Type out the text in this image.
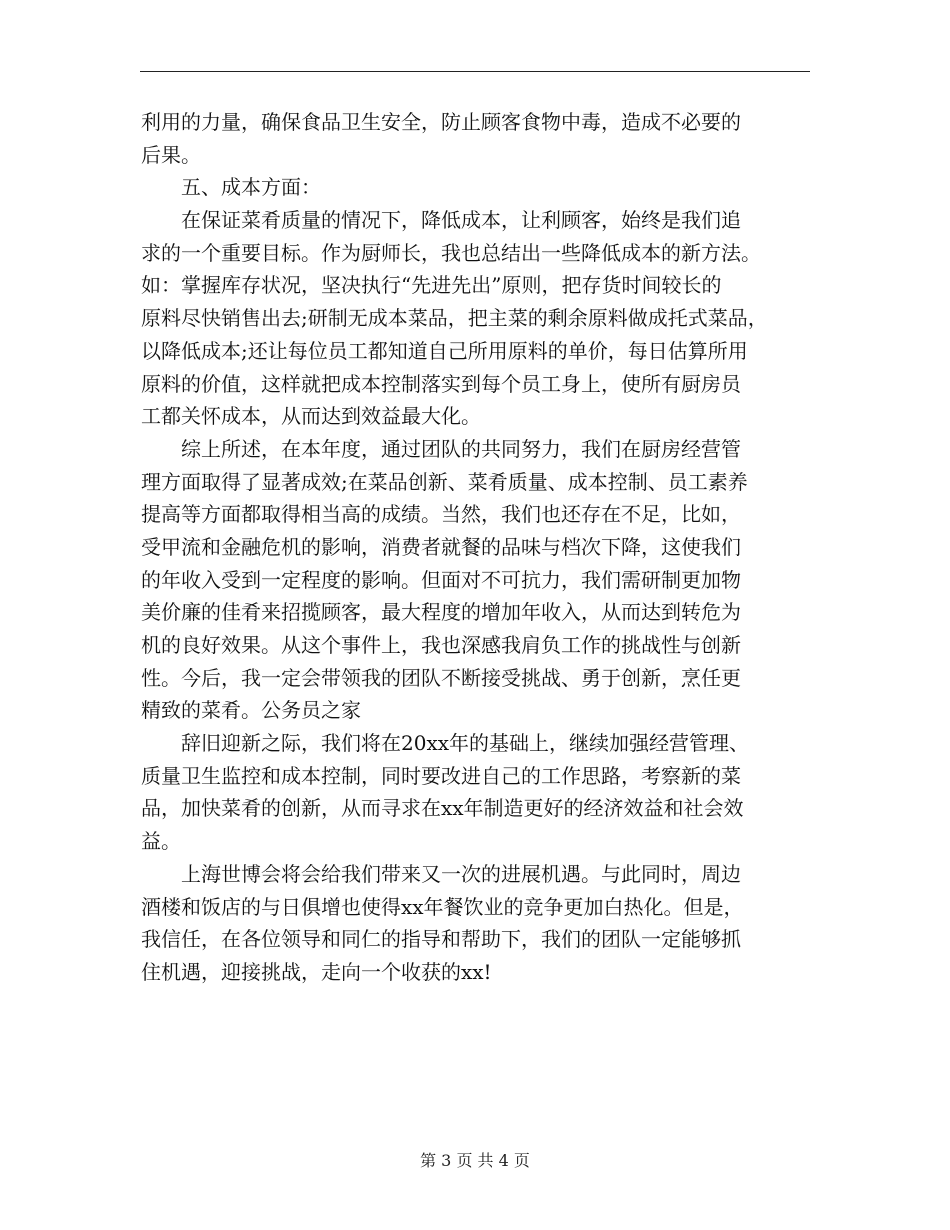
利用的力量，确保食品卫生安全，防止顾客食物中毒，造成不必要的
后果。
五、成本方面：
在保证菜肴质量的情况下，降低成本，让利顾客，始终是我们追
求的一个重要目标。作为厨师长，我也总结出一些降低成本的新方法。
如：掌握库存状况，坚决执行“先进先出”原则，把存货时间较长的
原料尽快销售出去;研制无成本菜品，把主菜的剩余原料做成托式菜品，
以降低成本;还让每位员工都知道自己所用原料的单价，每日估算所用
原料的价值，这样就把成本控制落实到每个员工身上，使所有厨房员
工都关怀成本，从而达到效益最大化。
综上所述，在本年度，通过团队的共同努力，我们在厨房经营管
理方面取得了显著成效;在菜品创新、菜肴质量、成本控制、员工素养
提高等方面都取得相当高的成绩。当然，我们也还存在不足，比如，
受甲流和金融危机的影响，消费者就餐的品味与档次下降，这使我们
的年收入受到一定程度的影响。但面对不可抗力，我们需研制更加物
美价廉的佳肴来招揽顾客，最大程度的增加年收入，从而达到转危为
机的良好效果。从这个事件上，我也深感我肩负工作的挑战性与创新
性。今后，我一定会带领我的团队不断接受挑战、勇于创新，烹任更
精致的菜肴。公务员之家
辞旧迎新之际，我们将在20xx年的基础上，继续加强经营管理、
质量卫生监控和成本控制，同时要改进自己的工作思路，考察新的菜
品，加快菜肴的创新，从而寻求在xx年制造更好的经济效益和社会效
益。
上海世博会将会给我们带来又一次的进展机遇。与此同时，周边
酒楼和饭店的与日俱增也使得xx年餐饮业的竞争更加白热化。但是，
我信任，在各位领导和同仁的指导和帮助下，我们的团队一定能够抓
住机遇，迎接挑战，走向一个收获的xx!
第 3 页 共 4 页
